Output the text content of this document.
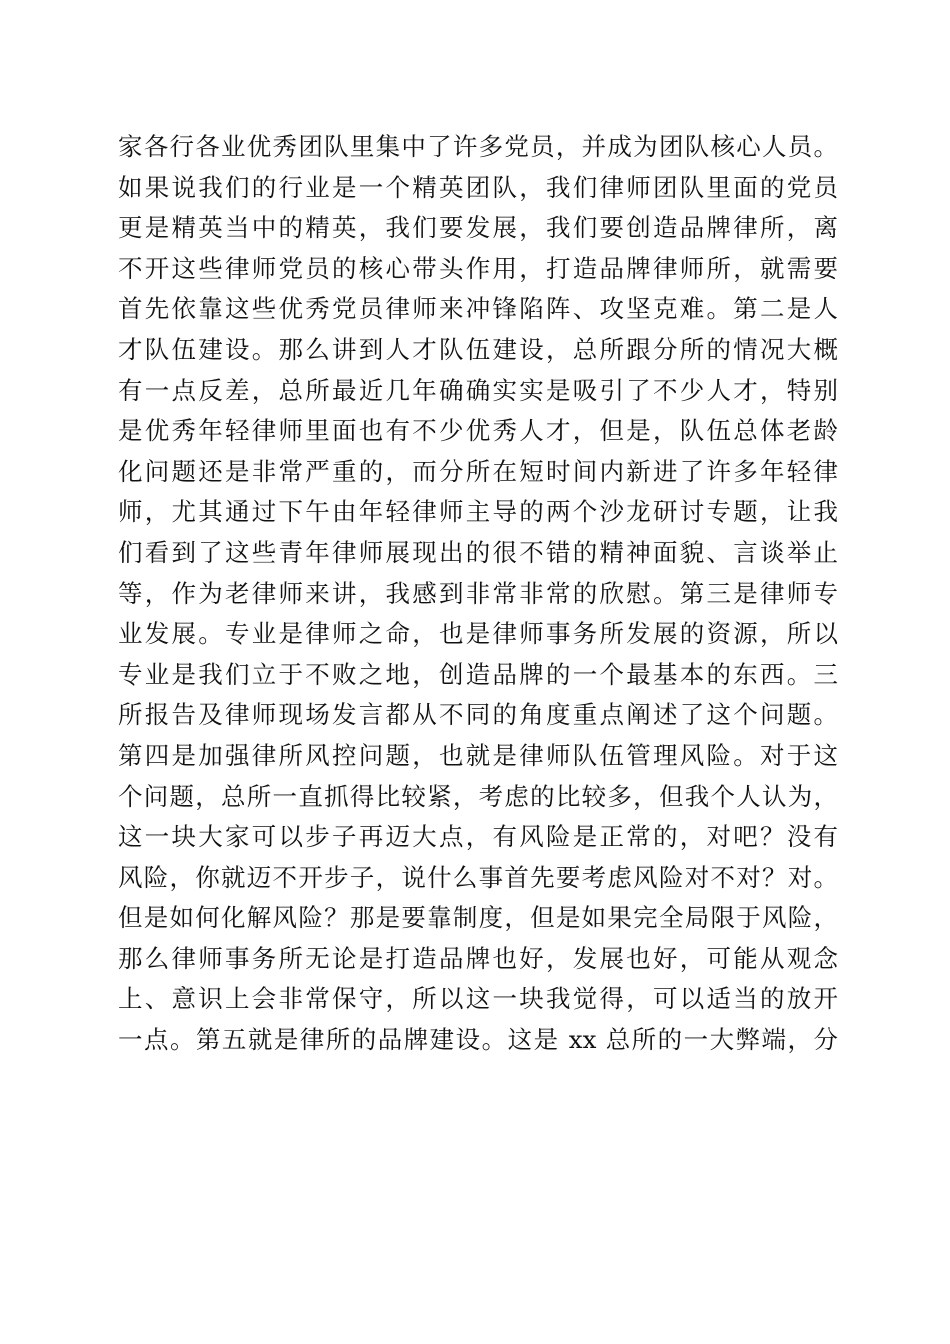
家各行各业优秀团队里集中了许多党员，并成为团队核心人员。
如果说我们的行业是一个精英团队，我们律师团队里面的党员
更是精英当中的精英，我们要发展，我们要创造品牌律所，离
不开这些律师党员的核心带头作用，打造品牌律师所，就需要
首先依靠这些优秀党员律师来冲锋陷阵、攻坚克难。第二是人
才队伍建设。那么讲到人才队伍建设，总所跟分所的情况大概
有一点反差，总所最近几年确确实实是吸引了不少人才，特别
是优秀年轻律师里面也有不少优秀人才，但是，队伍总体老龄
化问题还是非常严重的，而分所在短时间内新进了许多年轻律
师，尤其通过下午由年轻律师主导的两个沙龙研讨专题，让我
们看到了这些青年律师展现出的很不错的精神面貌、言谈举止
等，作为老律师来讲，我感到非常非常的欣慰。第三是律师专
业发展。专业是律师之命，也是律师事务所发展的资源，所以
专业是我们立于不败之地，创造品牌的一个最基本的东西。三
所报告及律师现场发言都从不同的角度重点阐述了这个问题。
第四是加强律所风控问题，也就是律师队伍管理风险。对于这
个问题，总所一直抓得比较紧，考虑的比较多，但我个人认为，
这一块大家可以步子再迈大点，有风险是正常的，对吧？没有
风险，你就迈不开步子，说什么事首先要考虑风险对不对？对。
但是如何化解风险？那是要靠制度，但是如果完全局限于风险，
那么律师事务所无论是打造品牌也好，发展也好，可能从观念
上、意识上会非常保守，所以这一块我觉得，可以适当的放开
一点。第五就是律所的品牌建设。这是 xx 总所的一大弊端，分
